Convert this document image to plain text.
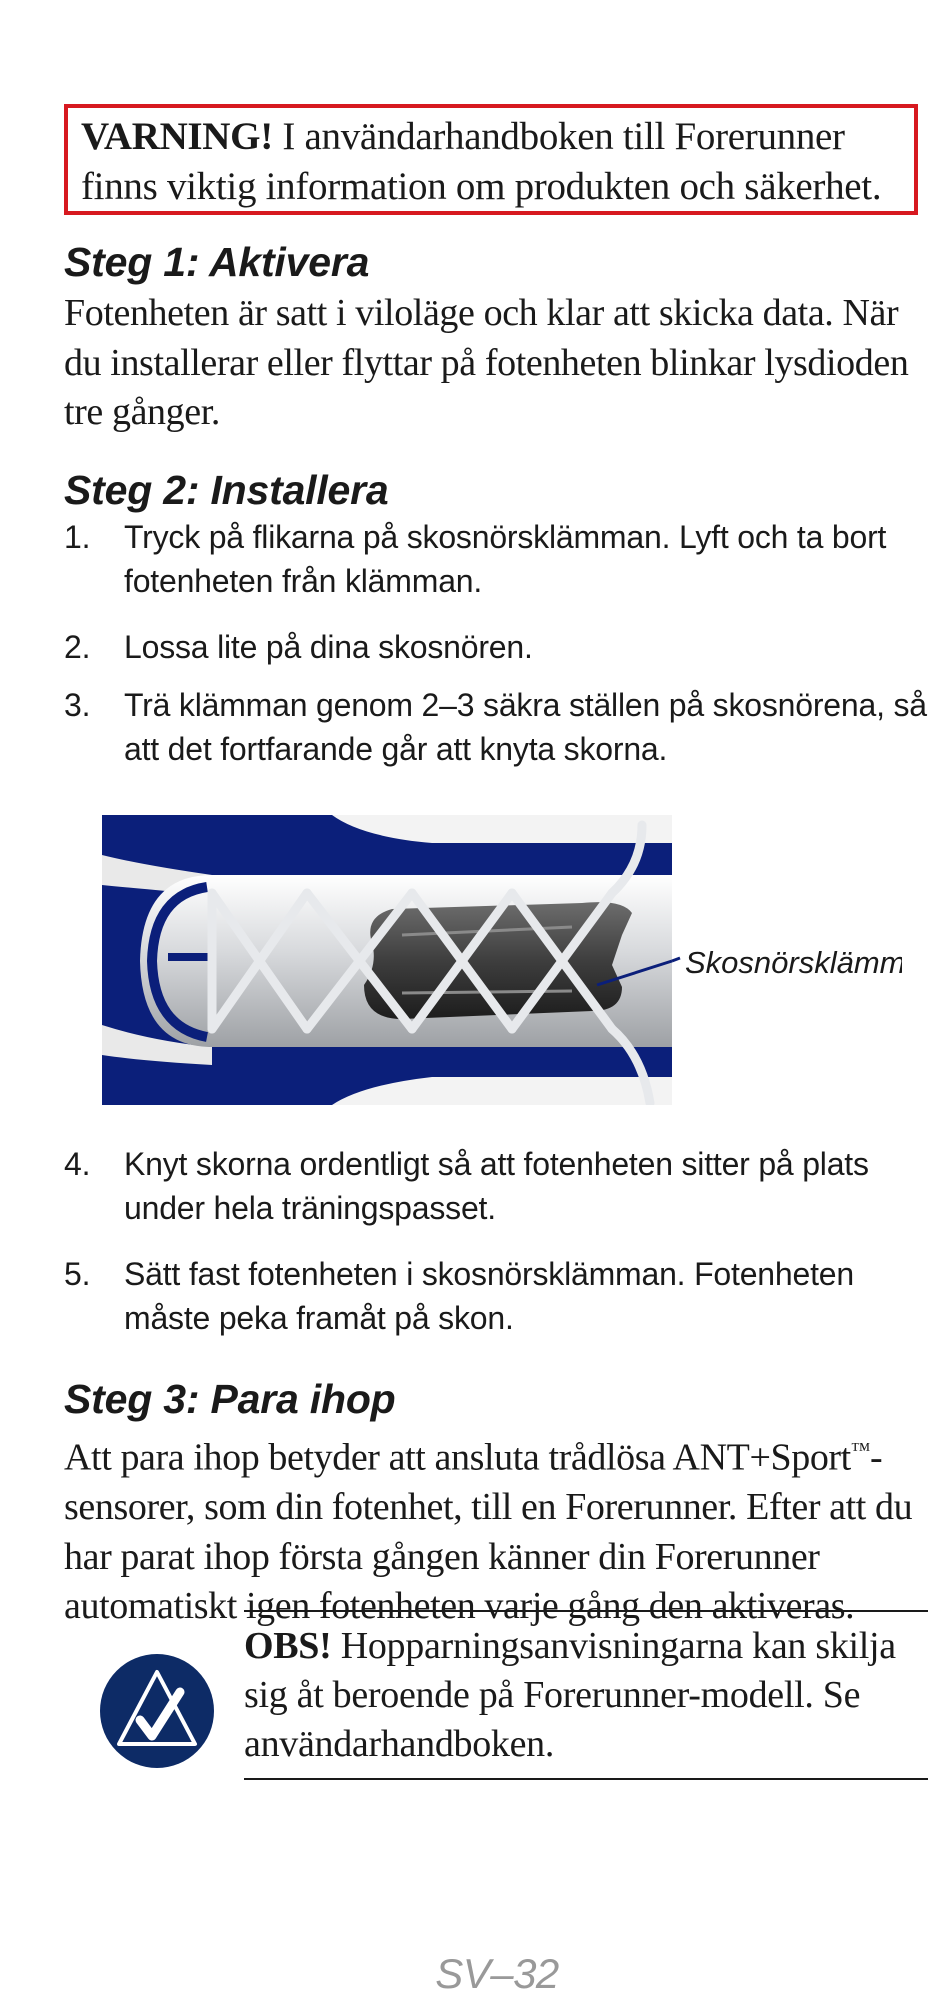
VARNING! I användarhandboken till Forerunner finns viktig information om produkten och säkerhet.
Steg 1: Aktivera
Fotenheten är satt i viloläge och klar att skicka data. När du installerar eller flyttar på fotenheten blinkar lysdioden tre gånger.
Steg 2: Installera
1. Tryck på flikarna på skosnörsklämman. Lyft och ta bort fotenheten från klämman.
2. Lossa lite på dina skosnören.
3. Trä klämman genom 2–3 säkra ställen på skosnörena, så att det fortfarande går att knyta skorna.
Skosnörsklämma
4. Knyt skorna ordentligt så att fotenheten sitter på plats under hela träningspasset.
5. Sätt fast fotenheten i skosnörsklämman. Fotenheten måste peka framåt på skon.
Steg 3: Para ihop
Att para ihop betyder att ansluta trådlösa ANT+Sport™-sensorer, som din fotenhet, till en Forerunner. Efter att du har parat ihop första gången känner din Forerunner automatiskt igen fotenheten varje gång den aktiveras.
OBS! Hopparningsanvisningarna kan skilja sig åt beroende på Forerunner-modell. Se användarhandboken.
SV–32
